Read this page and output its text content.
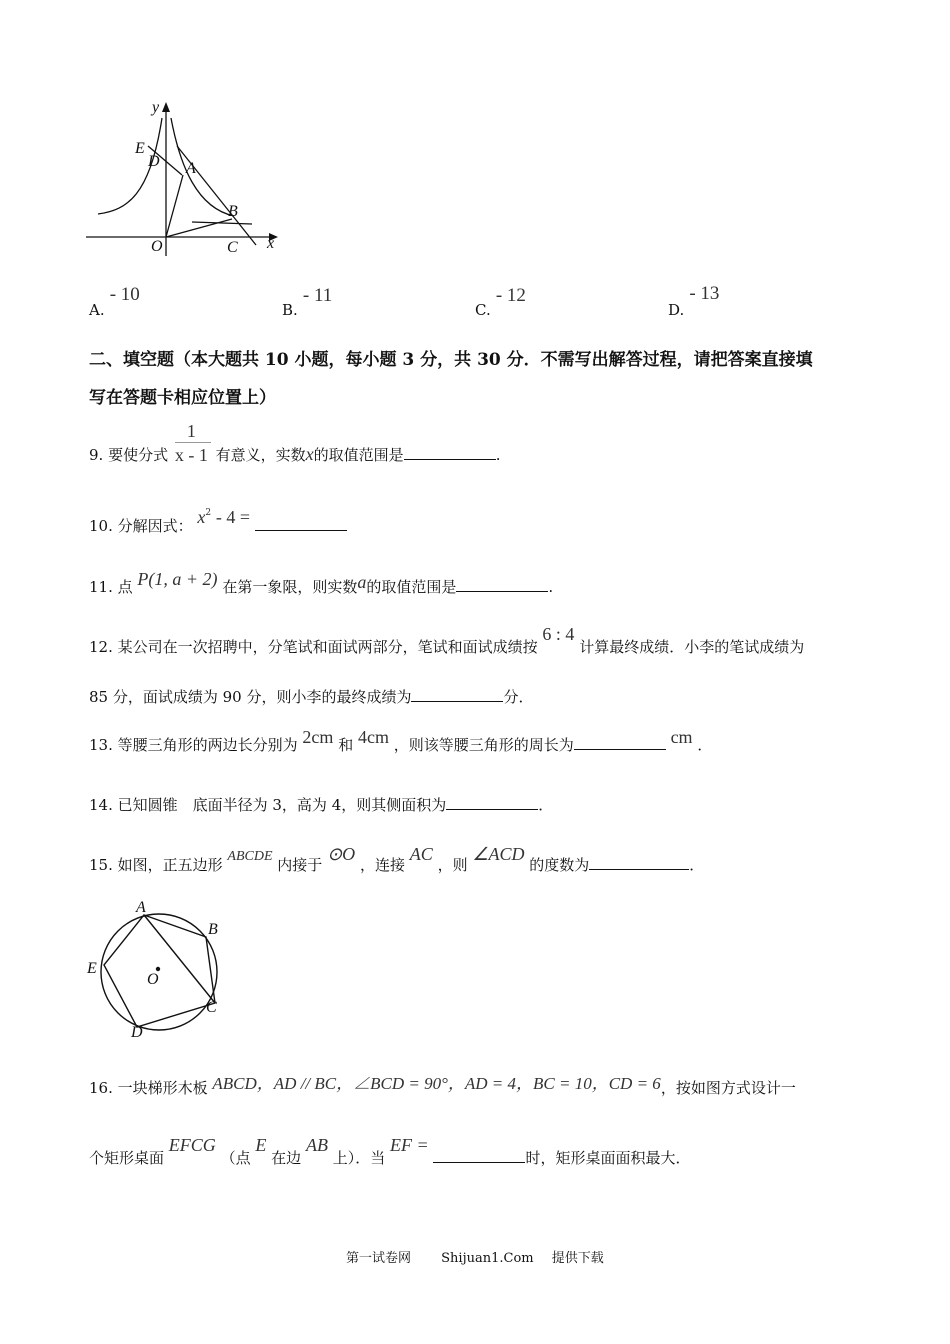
y
x
E
D A
B
O	C
A. - 10
B. - 11
C. - 12
D. - 13
二、填空题（本大题共 10 小题，每小题 3 分，共 30 分．不需写出解答过程，请把答案直接填
写在答题卡相应位置上）
9. 要使分式 $\frac{1}{x - 1}$ 有意义，实数x的取值范围是	.
10. 分解因式： $x^2 - 4$ =
11. 点 P(1, a + 2) 在第一象限，则实数a的取值范围是	.
12. 某公司在一次招聘中，分笔试和面试两部分，笔试和面试成绩按 6 : 4 计算最终成绩．小李的笔试成绩为
85 分，面试成绩为 90 分，则小李的最终成绩为	分．
13. 等腰三角形的两边长分别为 2cm 和 4cm ，则该等腰三角形的周长为	cm ．
14. 已知圆锥　底面半径为 3，高为 4，则其侧面积为	．
15. 如图，正五边形 ABCDE 内接于 ⊙O ，连接 AC ，则 ∠ACD 的度数为	．
A
B
C
D
E
O
16. 一块梯形木板 ABCD，AD // BC，∠BCD = 90°，AD = 4，BC = 10，CD = 6，按如图方式设计一
个矩形桌面 EFCG （点 E 在边 AB 上）．当 EF = 时，矩形桌面面积最大．
第一试卷网 Shijuan1.Com 提供下载
